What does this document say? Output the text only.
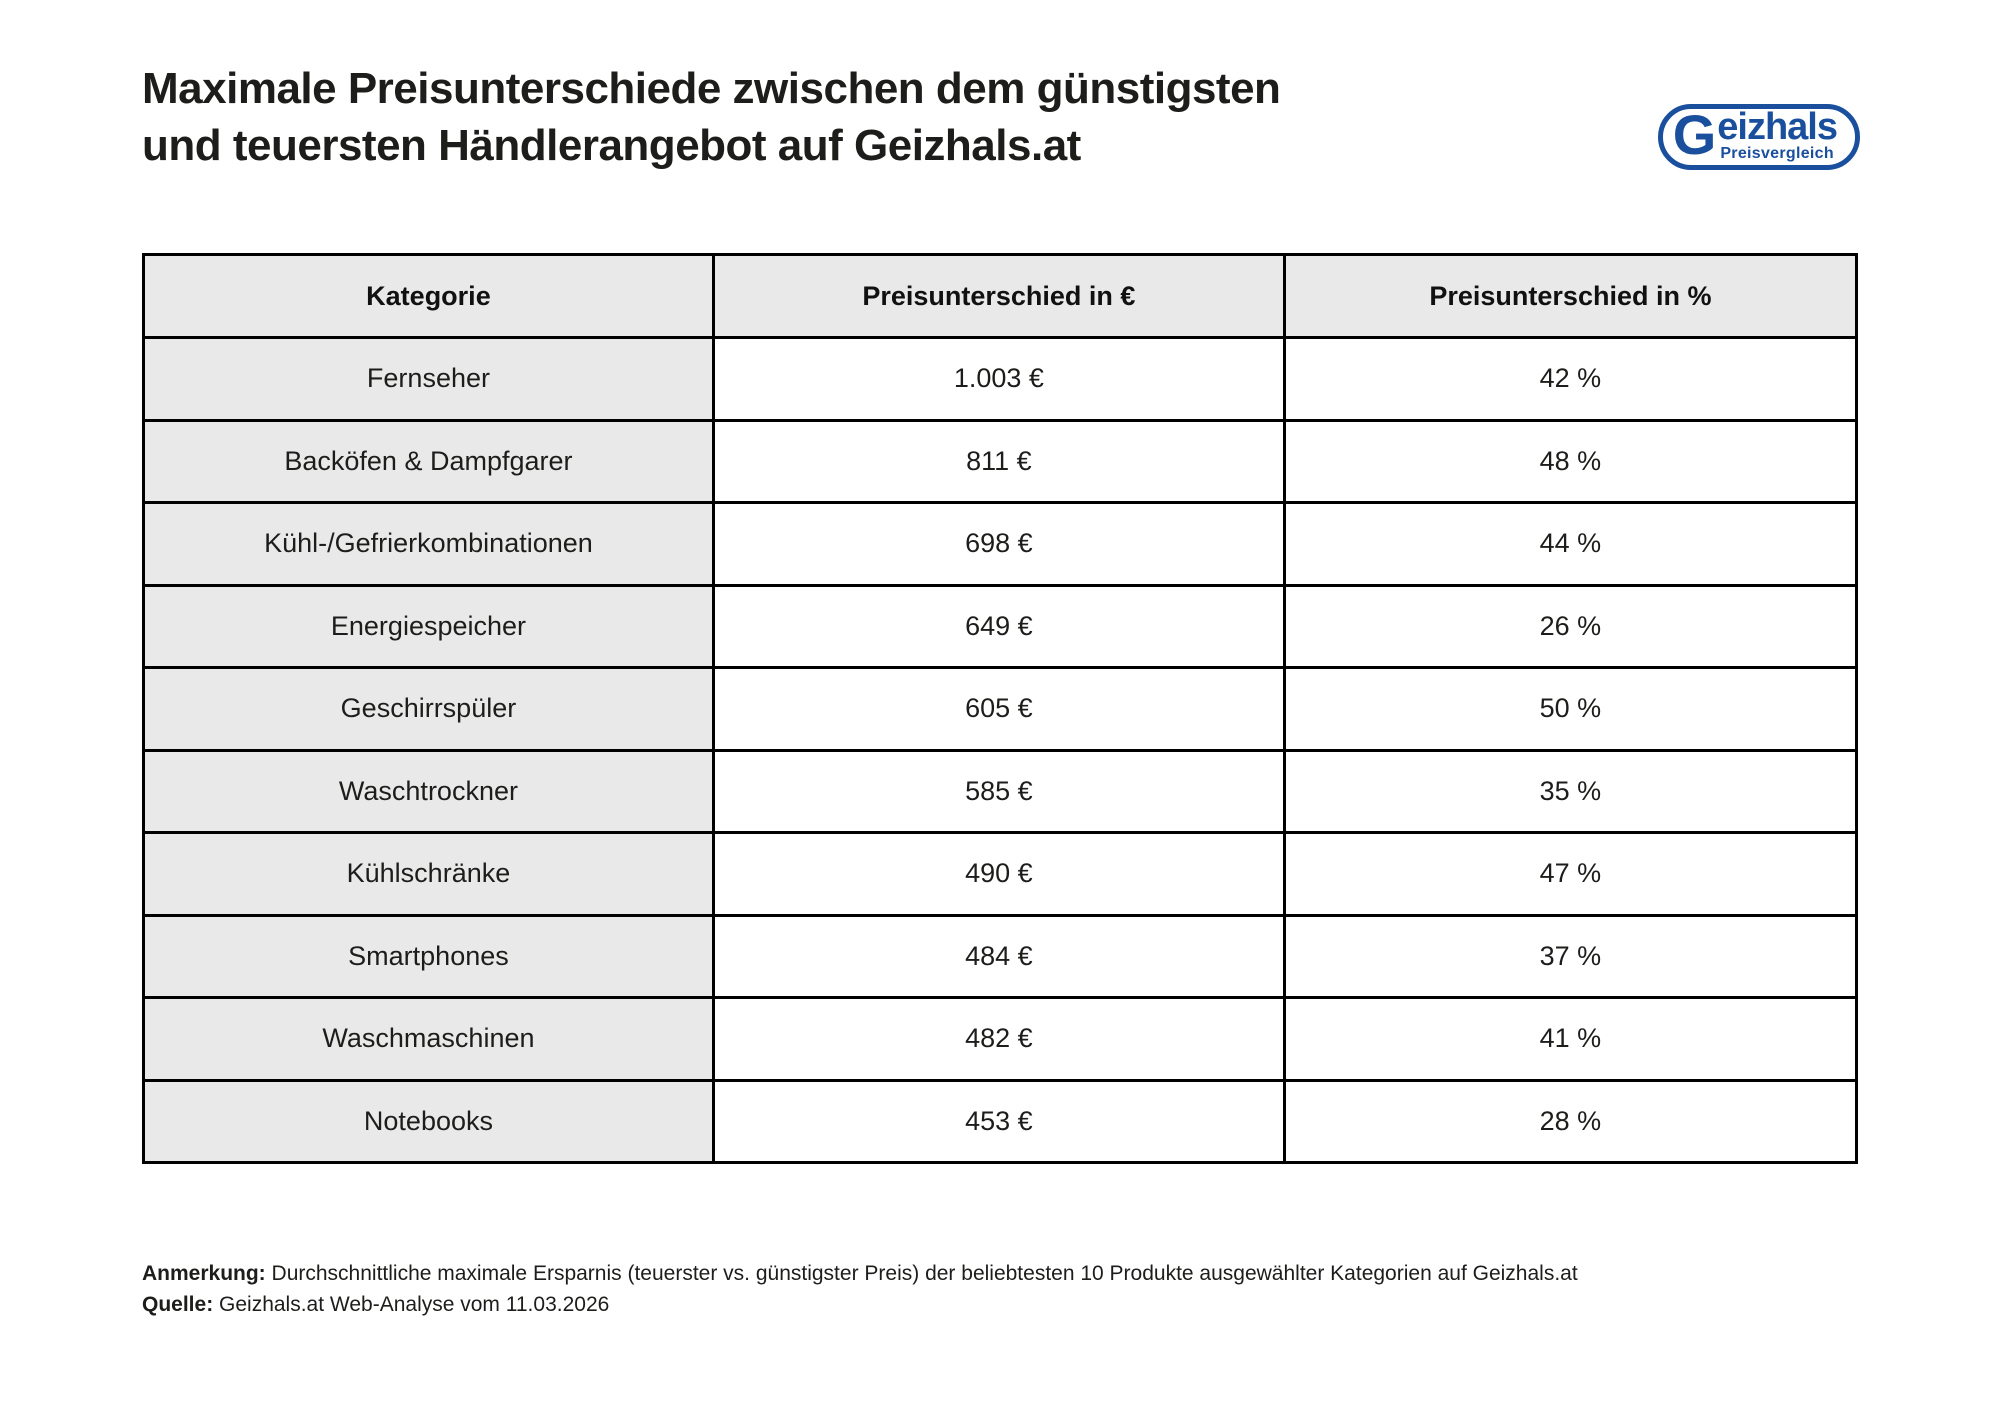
Maximale Preisunterschiede zwischen dem günstigsten
und teuersten Händlerangebot auf Geizhals.at	G eizhals
Preisvergleich
Kategorie	Preisunterschied in €	Preisunterschied in %
Fernseher	1.003 €	42 %
Backöfen & Dampfgarer	811 €	48 %
Kühl-/Gefrierkombinationen	698 €	44 %
Energiespeicher	649 €	26 %
Geschirrspüler	605 €	50 %
Waschtrockner	585 €	35 %
Kühlschränke	490 €	47 %
Smartphones	484 €	37 %
Waschmaschinen	482 €	41 %
Notebooks	453 €	28 %

Anmerkung: Durchschnittliche maximale Ersparnis (teuerster vs. günstigster Preis) der beliebtesten 10 Produkte ausgewählter Kategorien auf Geizhals.at

Quelle: Geizhals.at Web-Analyse vom 11.03.2026
